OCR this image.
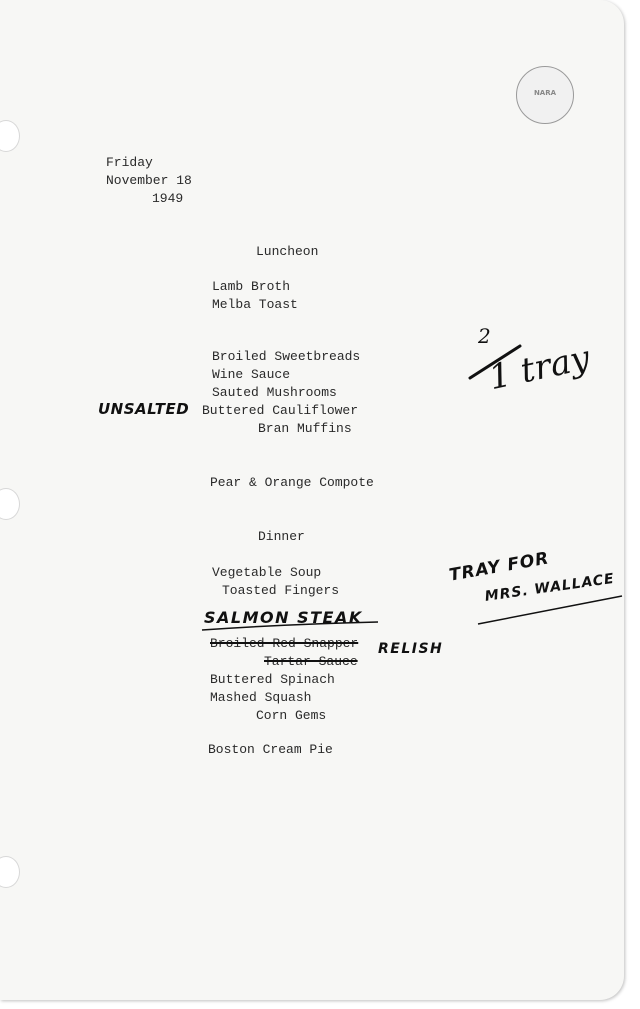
NARA
Friday
November 18
1949
Luncheon
Lamb Broth
Melba Toast
Broiled Sweetbreads
Wine Sauce
Sauted Mushrooms
Buttered Cauliflower
Bran Muffins
Pear & Orange Compote
Dinner
Vegetable Soup
Toasted Fingers
Broiled Red Snapper
Tartar Sauce
Buttered Spinach
Mashed Squash
Corn Gems
Boston Cream Pie
UNSALTED
2
1 tray
SALMON STEAK
RELISH
TRAY FOR
MRS. WALLACE
